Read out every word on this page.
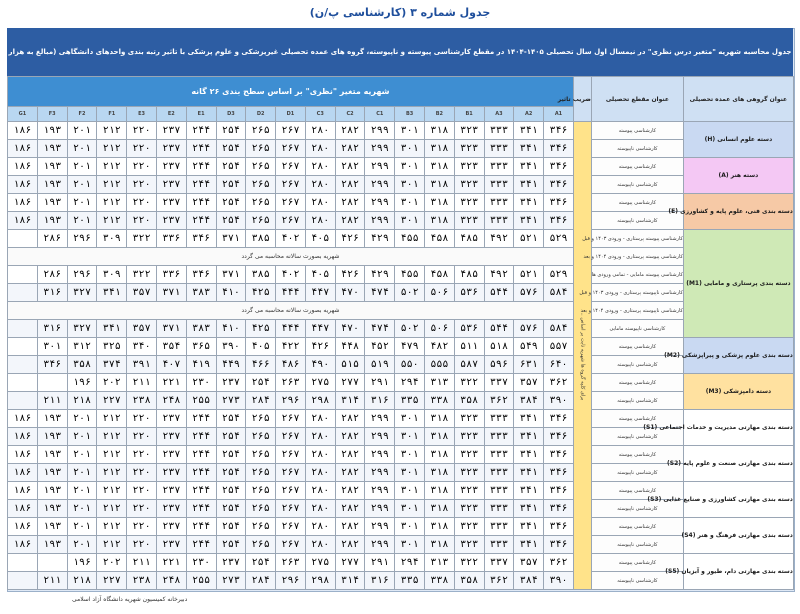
جدول شماره ۳ (کارشناسی پ/ن)
جدول محاسبه شهریه "متغیر درس نظری" در نیمسال اول سال تحصیلی ۱۴۰۵-۱۴۰۴ در مقطع کارشناسی پیوسته و ناپیوسته، گروه های عمده تحصیلی غیرپزشکی و علوم پزشکی با تاثیر رتبه بندی واحدهای دانشگاهی (مبالغ به هزار
عنوان گروهی های عمده تحصیلی	عنوان مقطع تحصیلی	ضریب تاثیر	شهریه متغیر "نظری" بر اساس سطح بندی ۲۶ گانه																		
			A1	A2	A3	B1	B2	B3	C1	C2	C3	D1	D2	D3	E1	E2	E3	F1	F2	F3	G1
دسته علوم انسانی (H)	کارشناسی پیوسته	برای کلیه گروه ها شهریه ثابت بر اساس ...	۳۴۶	۳۴۱	۳۳۳	۳۲۳	۳۱۸	۳۰۱	۲۹۹	۲۸۲	۲۸۰	۲۶۷	۲۶۵	۲۵۴	۲۴۴	۲۳۷	۲۲۰	۲۱۲	۲۰۱	۱۹۳	۱۸۶
	کارشناسی ناپیوسته		۳۴۶	۳۴۱	۳۳۳	۳۲۳	۳۱۸	۳۰۱	۲۹۹	۲۸۲	۲۸۰	۲۶۷	۲۶۵	۲۵۴	۲۴۴	۲۳۷	۲۲۰	۲۱۲	۲۰۱	۱۹۳	۱۸۶
دسته هنر (A)	کارشناسی پیوسته		۳۴۶	۳۴۱	۳۳۳	۳۲۳	۳۱۸	۳۰۱	۲۹۹	۲۸۲	۲۸۰	۲۶۷	۲۶۵	۲۵۴	۲۴۴	۲۳۷	۲۲۰	۲۱۲	۲۰۱	۱۹۳	۱۸۶
	کارشناسی ناپیوسته		۳۴۶	۳۴۱	۳۳۳	۳۲۳	۳۱۸	۳۰۱	۲۹۹	۲۸۲	۲۸۰	۲۶۷	۲۶۵	۲۵۴	۲۴۴	۲۳۷	۲۲۰	۲۱۲	۲۰۱	۱۹۳	۱۸۶
دسته بندی فنی، علوم پایه و کشاورزی (E)	کارشناسی پیوسته		۳۴۶	۳۴۱	۳۳۳	۳۲۳	۳۱۸	۳۰۱	۲۹۹	۲۸۲	۲۸۰	۲۶۷	۲۶۵	۲۵۴	۲۴۴	۲۳۷	۲۲۰	۲۱۲	۲۰۱	۱۹۳	۱۸۶
	کارشناسی ناپیوسته		۳۴۶	۳۴۱	۳۳۳	۳۲۳	۳۱۸	۳۰۱	۲۹۹	۲۸۲	۲۸۰	۲۶۷	۲۶۵	۲۵۴	۲۴۴	۲۳۷	۲۲۰	۲۱۲	۲۰۱	۱۹۳	۱۸۶
دسته بندی پرستاری و مامایی (M1)	کارشناسی پیوسته پرستاری - ورودی ۱۴۰۳ و قبل		۵۲۹	۵۲۱	۴۹۲	۴۸۵	۴۵۸	۴۵۵	۴۲۹	۴۲۶	۴۰۵	۴۰۲	۳۸۵	۳۷۱	۳۴۶	۳۳۶	۳۲۲	۳۰۹	۲۹۶	۲۸۶	
	کارشناسی پیوسته پرستاری - ورودی ۱۴۰۴ و بعد		شهریه بصورت سالانه محاسبه می گردد																		
	کارشناسی پیوسته مامایی - تمامی ورودی ها		۵۲۹	۵۲۱	۴۹۲	۴۸۵	۴۵۸	۴۵۵	۴۲۹	۴۲۶	۴۰۵	۴۰۲	۳۸۵	۳۷۱	۳۴۶	۳۳۶	۳۲۲	۳۰۹	۲۹۶	۲۸۶	
	کارشناسی ناپیوسته پرستاری - ورودی ۱۴۰۳ و قبل		۵۸۴	۵۷۶	۵۴۴	۵۳۶	۵۰۶	۵۰۲	۴۷۴	۴۷۰	۴۴۷	۴۴۴	۴۲۵	۴۱۰	۳۸۳	۳۷۱	۳۵۷	۳۴۱	۳۲۷	۳۱۶	
	کارشناسی ناپیوسته پرستاری - ورودی ۱۴۰۴ و بعد		شهریه بصورت سالانه محاسبه می گردد																		
	کارشناسی ناپیوسته مامایی		۵۸۴	۵۷۶	۵۴۴	۵۳۶	۵۰۶	۵۰۲	۴۷۴	۴۷۰	۴۴۷	۴۴۴	۴۲۵	۴۱۰	۳۸۳	۳۷۱	۳۵۷	۳۴۱	۳۲۷	۳۱۶	
دسته بندی علوم پزشکی و پیراپزشکی (M2)	کارشناسی پیوسته		۵۵۷	۵۴۹	۵۱۸	۵۱۱	۴۸۲	۴۷۹	۴۵۲	۴۴۸	۴۲۶	۴۲۲	۴۰۵	۳۹۰	۳۶۵	۳۵۴	۳۴۰	۳۲۵	۳۱۲	۳۰۱	
	کارشناسی ناپیوسته		۶۴۰	۶۳۱	۵۹۶	۵۸۷	۵۵۵	۵۵۰	۵۱۹	۵۱۵	۴۹۰	۴۸۶	۴۶۶	۴۴۹	۴۱۹	۴۰۷	۳۹۱	۳۷۴	۳۵۸	۳۴۶	
دسته دامپزشکی (M3)	کارشناسی پیوسته		۳۶۲	۳۵۷	۳۳۷	۳۲۲	۳۱۳	۲۹۴	۲۹۱	۲۷۷	۲۷۵	۲۶۳	۲۵۴	۲۳۷	۲۳۰	۲۲۱	۲۱۱	۲۰۲	۱۹۶		
	کارشناسی ناپیوسته		۳۹۰	۳۸۴	۳۶۲	۳۵۸	۳۳۸	۳۳۵	۳۱۶	۳۱۴	۲۹۸	۲۹۶	۲۸۴	۲۷۳	۲۵۵	۲۴۸	۲۳۸	۲۲۷	۲۱۸	۲۱۱	
دسته بندی مهارتی مدیریت و خدمات اجتماعی (S1)	کارشناسی پیوسته		۳۴۶	۳۴۱	۳۳۳	۳۲۳	۳۱۸	۳۰۱	۲۹۹	۲۸۲	۲۸۰	۲۶۷	۲۶۵	۲۵۴	۲۴۴	۲۳۷	۲۲۰	۲۱۲	۲۰۱	۱۹۳	۱۸۶
	کارشناسی ناپیوسته		۳۴۶	۳۴۱	۳۳۳	۳۲۳	۳۱۸	۳۰۱	۲۹۹	۲۸۲	۲۸۰	۲۶۷	۲۶۵	۲۵۴	۲۴۴	۲۳۷	۲۲۰	۲۱۲	۲۰۱	۱۹۳	۱۸۶
دسته بندی مهارتی صنعت و علوم پایه (S2)	کارشناسی پیوسته		۳۴۶	۳۴۱	۳۳۳	۳۲۳	۳۱۸	۳۰۱	۲۹۹	۲۸۲	۲۸۰	۲۶۷	۲۶۵	۲۵۴	۲۴۴	۲۳۷	۲۲۰	۲۱۲	۲۰۱	۱۹۳	۱۸۶
	کارشناسی ناپیوسته		۳۴۶	۳۴۱	۳۳۳	۳۲۳	۳۱۸	۳۰۱	۲۹۹	۲۸۲	۲۸۰	۲۶۷	۲۶۵	۲۵۴	۲۴۴	۲۳۷	۲۲۰	۲۱۲	۲۰۱	۱۹۳	۱۸۶
دسته بندی مهارتی کشاورزی و صنایع غذایی (S3)	کارشناسی پیوسته		۳۴۶	۳۴۱	۳۳۳	۳۲۳	۳۱۸	۳۰۱	۲۹۹	۲۸۲	۲۸۰	۲۶۷	۲۶۵	۲۵۴	۲۴۴	۲۳۷	۲۲۰	۲۱۲	۲۰۱	۱۹۳	۱۸۶
	کارشناسی ناپیوسته		۳۴۶	۳۴۱	۳۳۳	۳۲۳	۳۱۸	۳۰۱	۲۹۹	۲۸۲	۲۸۰	۲۶۷	۲۶۵	۲۵۴	۲۴۴	۲۳۷	۲۲۰	۲۱۲	۲۰۱	۱۹۳	۱۸۶
دسته بندی مهارتی فرهنگ و هنر (S4)	کارشناسی پیوسته		۳۴۶	۳۴۱	۳۳۳	۳۲۳	۳۱۸	۳۰۱	۲۹۹	۲۸۲	۲۸۰	۲۶۷	۲۶۵	۲۵۴	۲۴۴	۲۳۷	۲۲۰	۲۱۲	۲۰۱	۱۹۳	۱۸۶
	کارشناسی ناپیوسته		۳۴۶	۳۴۱	۳۳۳	۳۲۳	۳۱۸	۳۰۱	۲۹۹	۲۸۲	۲۸۰	۲۶۷	۲۶۵	۲۵۴	۲۴۴	۲۳۷	۲۲۰	۲۱۲	۲۰۱	۱۹۳	۱۸۶
دسته بندی مهارتی دام، طیور و آبزیان (S5)	کارشناسی پیوسته		۳۶۲	۳۵۷	۳۳۷	۳۲۲	۳۱۳	۲۹۴	۲۹۱	۲۷۷	۲۷۵	۲۶۳	۲۵۴	۲۳۷	۲۳۰	۲۲۱	۲۱۱	۲۰۲	۱۹۶		
	کارشناسی ناپیوسته		۳۹۰	۳۸۴	۳۶۲	۳۵۸	۳۳۸	۳۳۵	۳۱۶	۳۱۴	۲۹۸	۲۹۶	۲۸۴	۲۷۳	۲۵۵	۲۴۸	۲۳۸	۲۲۷	۲۱۸	۲۱۱	
دبیرخانه کمیسیون شهریه دانشگاه آزاد اسلامی
